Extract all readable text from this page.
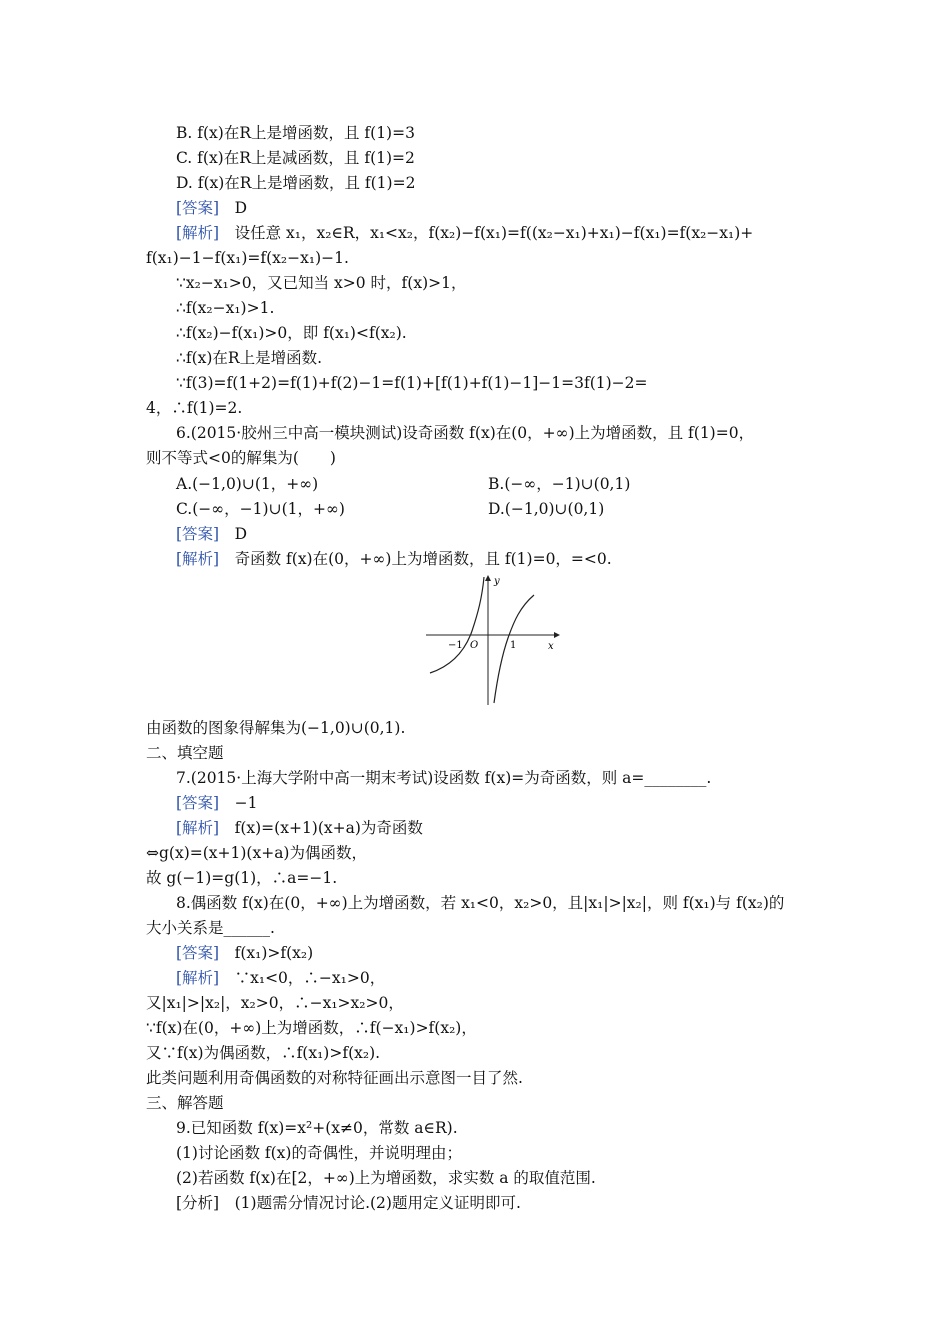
B. f(x)在R上是增函数，且 f(1)=3
C. f(x)在R上是减函数，且 f(1)=2
D. f(x)在R上是增函数，且 f(1)=2
[答案]  D
[解析]  设任意 x₁，x₂∈R，x₁<x₂，f(x₂)−f(x₁)=f((x₂−x₁)+x₁)−f(x₁)=f(x₂−x₁)+
f(x₁)−1−f(x₁)=f(x₂−x₁)−1.
∵x₂−x₁>0，又已知当 x>0 时，f(x)>1，
∴f(x₂−x₁)>1.
∴f(x₂)−f(x₁)>0，即 f(x₁)<f(x₂).
∴f(x)在R上是增函数.
∵f(3)=f(1+2)=f(1)+f(2)−1=f(1)+[f(1)+f(1)−1]−1=3f(1)−2=
4，∴f(1)=2.
6.(2015·胶州三中高一模块测试)设奇函数 f(x)在(0，+∞)上为增函数，且 f(1)=0，
则不等式<0的解集为(　　)
A.(−1,0)∪(1，+∞)	B.(−∞，−1)∪(0,1)
C.(−∞，−1)∪(1，+∞)	D.(−1,0)∪(0,1)
[答案]  D
[解析]  奇函数 f(x)在(0，+∞)上为增函数，且 f(1)=0，=<0.
O
−1	1	x
y
由函数的图象得解集为(−1,0)∪(0,1).
二、填空题
7.(2015·上海大学附中高一期末考试)设函数 f(x)=为奇函数，则 a=________.
[答案]  −1
[解析]  f(x)=(x+1)(x+a)为奇函数
⇔g(x)=(x+1)(x+a)为偶函数，
故 g(−1)=g(1)，∴a=−1.
8.偶函数 f(x)在(0，+∞)上为增函数，若 x₁<0，x₂>0，且|x₁|>|x₂|，则 f(x₁)与 f(x₂)的
大小关系是______.
[答案]  f(x₁)>f(x₂)
[解析]  ∵x₁<0，∴−x₁>0，
又|x₁|>|x₂|，x₂>0，∴−x₁>x₂>0，
∵f(x)在(0，+∞)上为增函数，∴f(−x₁)>f(x₂)，
又∵f(x)为偶函数，∴f(x₁)>f(x₂).
此类问题利用奇偶函数的对称特征画出示意图一目了然.
三、解答题
9.已知函数 f(x)=x²+(x≠0，常数 a∈R).
(1)讨论函数 f(x)的奇偶性，并说明理由；
(2)若函数 f(x)在[2，+∞)上为增函数，求实数 a 的取值范围.
[分析]  (1)题需分情况讨论.(2)题用定义证明即可.
